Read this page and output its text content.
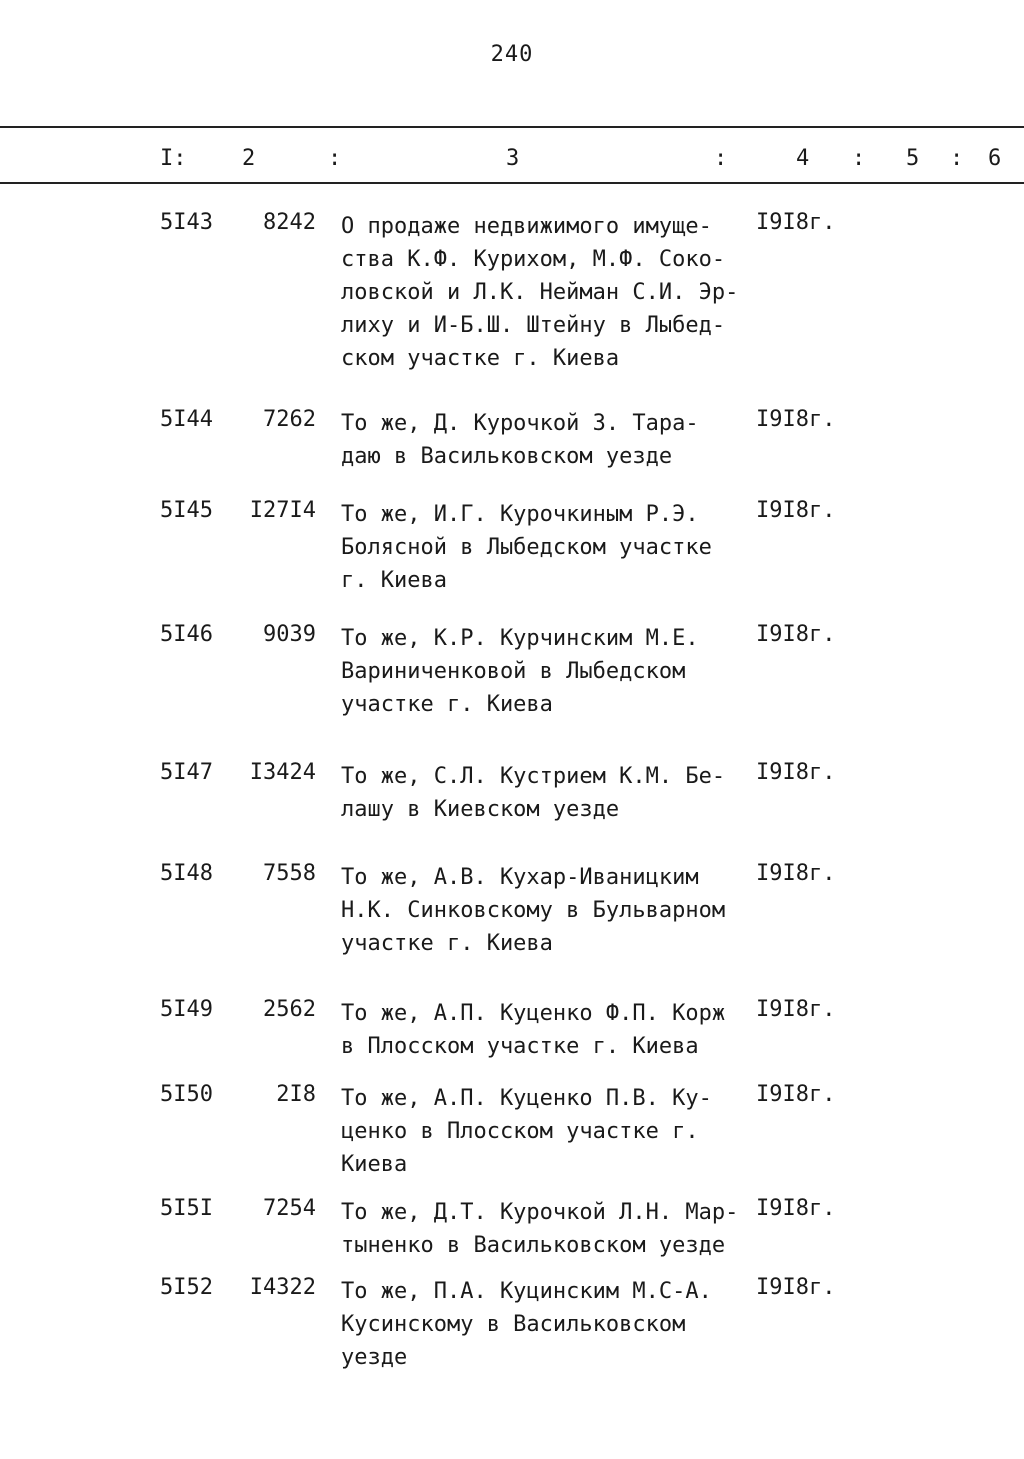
240
I:	2	:	3	:	4 : 5 : 6
5I43	8242 О продаже недвижимого имуще-
ства К.Ф. Курихом, М.Ф. Соко-
ловской и Л.К. Нейман С.И. Эр-
лиху и И-Б.Ш. Штейну в Лыбед-
ском участке г. Киева
I9I8г.
5I44	7262 То же, Д. Курочкой З. Тара-
даю в Васильковском уезде
I9I8г.
5I45	I27I4 То же, И.Г. Курочкиным Р.Э.
Болясной в Лыбедском участке
г. Киева
I9I8г.
5I46	9039 То же, К.Р. Курчинским М.Е.
Вариниченковой в Лыбедском
участке г. Киева
I9I8г.
5I47	I3424 То же, С.Л. Кустрием К.М. Бе-
лашу в Киевском уезде
I9I8г.
5I48	7558 То же, А.В. Кухар-Иваницким
Н.К. Синковскому в Бульварном
участке г. Киева
I9I8г.
5I49	2562 То же, А.П. Куценко Ф.П. Корж
в Плосском участке г. Киева
I9I8г.
5I50	2I8 То же, А.П. Куценко П.В. Ку-
ценко в Плосском участке г.
Киева
I9I8г.
5I5I	7254 То же, Д.Т. Курочкой Л.Н. Мар-
тыненко в Васильковском уезде
I9I8г.
5I52	I4322 То же, П.А. Куцинским М.С-А.
Кусинскому в Васильковском
уезде
I9I8г.
